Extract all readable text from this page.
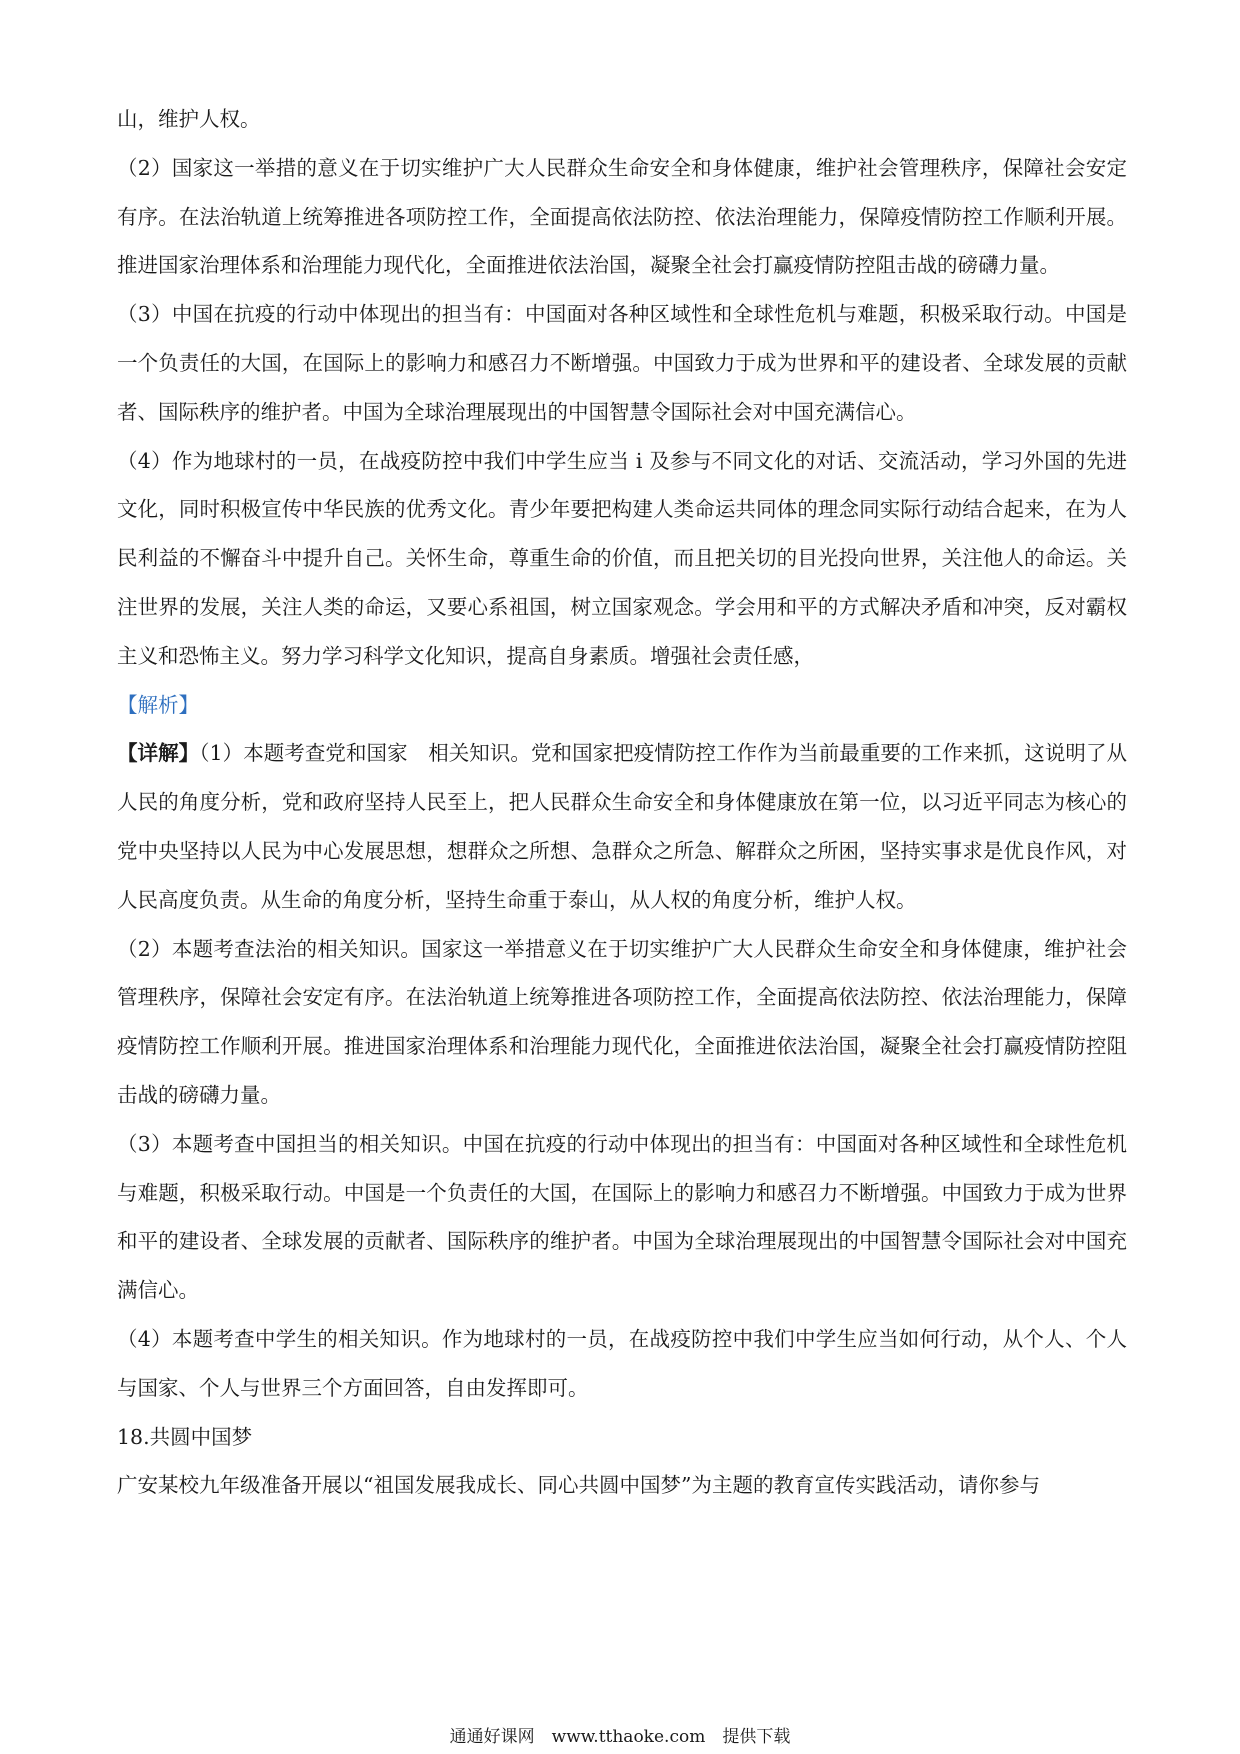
山，维护人权。

（2）国家这一举措的意义在于切实维护广大人民群众生命安全和身体健康，维护社会管理秩序，保障社会安定有序。在法治轨道上统筹推进各项防控工作，全面提高依法防控、依法治理能力，保障疫情防控工作顺利开展。推进国家治理体系和治理能力现代化，全面推进依法治国，凝聚全社会打赢疫情防控阻击战的磅礴力量。

（3）中国在抗疫的行动中体现出的担当有：中国面对各种区域性和全球性危机与难题，积极采取行动。中国是一个负责任的大国，在国际上的影响力和感召力不断增强。中国致力于成为世界和平的建设者、全球发展的贡献者、国际秩序的维护者。中国为全球治理展现出的中国智慧令国际社会对中国充满信心。

（4）作为地球村的一员，在战疫防控中我们中学生应当 i 及参与不同文化的对话、交流活动，学习外国的先进文化，同时积极宣传中华民族的优秀文化。青少年要把构建人类命运共同体的理念同实际行动结合起来，在为人民利益的不懈奋斗中提升自己。关怀生命，尊重生命的价值，而且把关切的目光投向世界，关注他人的命运。关注世界的发展，关注人类的命运，又要心系祖国，树立国家观念。学会用和平的方式解决矛盾和冲突，反对霸权主义和恐怖主义。努力学习科学文化知识，提高自身素质。增强社会责任感，

【解析】

【详解】（1）本题考查党和国家　相关知识。党和国家把疫情防控工作作为当前最重要的工作来抓，这说明了从人民的角度分析，党和政府坚持人民至上，把人民群众生命安全和身体健康放在第一位，以习近平同志为核心的党中央坚持以人民为中心发展思想，想群众之所想、急群众之所急、解群众之所困，坚持实事求是优良作风，对人民高度负责。从生命的角度分析，坚持生命重于泰山，从人权的角度分析，维护人权。

（2）本题考查法治的相关知识。国家这一举措意义在于切实维护广大人民群众生命安全和身体健康，维护社会管理秩序，保障社会安定有序。在法治轨道上统筹推进各项防控工作，全面提高依法防控、依法治理能力，保障疫情防控工作顺利开展。推进国家治理体系和治理能力现代化，全面推进依法治国，凝聚全社会打赢疫情防控阻击战的磅礴力量。

（3）本题考查中国担当的相关知识。中国在抗疫的行动中体现出的担当有：中国面对各种区域性和全球性危机与难题，积极采取行动。中国是一个负责任的大国，在国际上的影响力和感召力不断增强。中国致力于成为世界和平的建设者、全球发展的贡献者、国际秩序的维护者。中国为全球治理展现出的中国智慧令国际社会对中国充满信心。

（4）本题考查中学生的相关知识。作为地球村的一员，在战疫防控中我们中学生应当如何行动，从个人、个人与国家、个人与世界三个方面回答，自由发挥即可。

18.共圆中国梦

广安某校九年级准备开展以“祖国发展我成长、同心共圆中国梦”为主题的教育宣传实践活动，请你参与

通通好课网　www.tthaoke.com　提供下载
